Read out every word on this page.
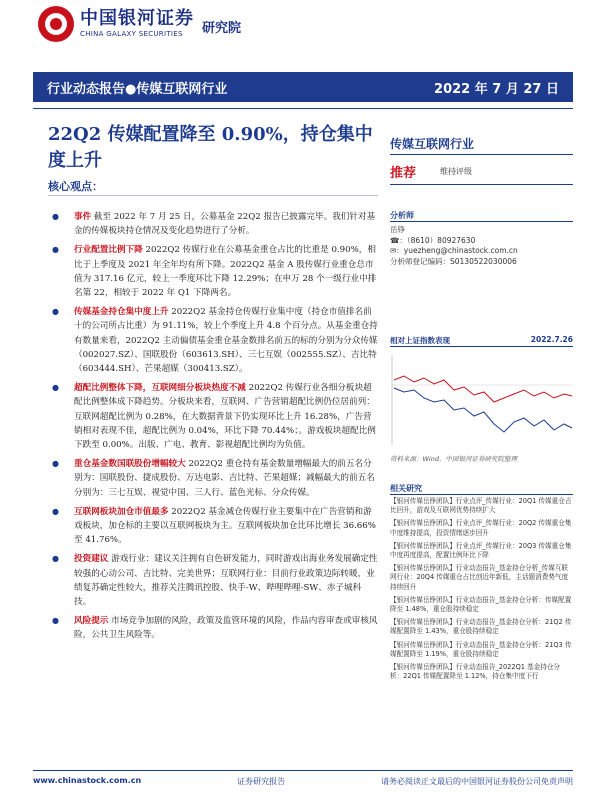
中国银河证券
CHINA GALAXY SECURITIES	研究院
行业动态报告●传媒互联网行业	2022 年 7 月 27 日
22Q2 传媒配置降至 0.90%，持仓集中度上升
核心观点：
● 事件 截至 2022 年 7 月 25 日，公募基金 22Q2 报告已披露完毕。我们针对基金的传媒板块持仓情况及变化趋势进行了分析。
● 行业配置比例下降 2022Q2 传媒行业在公募基金重仓占比的比重是 0.90%，相比于上季度及 2021 年全年均有所下降。2022Q2 基金 A 股传媒行业重仓总市值为 317.16 亿元，较上一季度环比下降 12.29%；在申万 28 个一级行业中排名第 22，相较于 2022 年 Q1 下降两名。
● 传媒基金持仓集中度上升 2022Q2 基金持仓传媒行业集中度（持仓市值排名前十的公司所占比重）为 91.11%，较上个季度上升 4.8 个百分点。从基金重仓持有数量来看，2022Q2 主动偏债基金重仓基金数排名前五的标的分别为分众传媒（002027.SZ）、国联股份（603613.SH）、三七互娱（002555.SZ）、吉比特（603444.SH）、芒果超媒（300413.SZ）。
● 超配比例整体下降，互联网细分板块热度不减 2022Q2 传媒行业各细分板块超配比例整体成下降趋势。分板块来看，互联网、广告营销超配比例仍位居前列：互联网超配比例为 0.28%，在大数据背景下仍实现环比上升 16.28%，广告营销相对表现不佳，超配比例为 0.04%，环比下降 70.44%；。游戏板块超配比例下跌至 0.00%。出版、广电、教育、影视超配比例均为负值。
● 重仓基金数国联股份增幅较大 2022Q2 重仓持有基金数量增幅最大的前五名分别为：国联股份、捷成股份、万达电影、吉比特、芒果超媒；减幅最大的前五名分别为：三七互娱、视觉中国、三人行、蓝色光标、分众传媒。
● 互联网板块加仓市值最多 2022Q2 基金减仓传媒行业主要集中在广告营销和游戏板块，加仓标的主要以互联网板块为主。互联网板块加仓比环比增长 36.66%至 41.76%。
● 投资建议 游戏行业：建议关注拥有自色研发能力，同时游戏出海业务发展确定性较强的心动公司、吉比特、完美世界；互联网行业：目前行业政策边际转暖，业绩复苏确定性较大，推荐关注腾讯控股、快手-W、哔哩哔哩-SW、赤子城科技。
● 风险提示 市场竞争加剧的风险，政策及监管环境的风险，作品内容审查或审核风险，公共卫生风险等。
传媒互联网行业
推荐	维持评级
分析师
岳铮
☎：（8610）80927630
✉：yuezheng@chinastock.com.cn
分析师登记编码：S0130522030006
相对上证指数表现	2022.7.26
资料来源：Wind，中国银河证券研究院整理
相关研究
【银河传媒岳铮团队】行业点评_传媒行业：20Q1 传媒重仓占比回升，游戏及互联网优势持续扩大
【银河传媒岳铮团队】行业点评_传媒行业：20Q2 传媒重仓集中度维持提高，投资情绪逐步回升
【银河传媒岳铮团队】行业点评_传媒行业：20Q3 传媒重仓集中度再度提高，配置比例环比下降
【银河传媒岳铮团队】行业动态报告_基金持仓分析_传媒互联网行业：20Q4 传媒重仓占比创近年新低，主话题消费势气度持续回升
【银河传媒岳铮团队】行业动态报告_基金持仓分析：传媒配置降至 1.48%，重仓股持续稳定
【银河传媒岳铮团队】行业动态报告_基金持仓分析：21Q2 传媒配置降至 1.43%，重仓股持续稳定
【银河传媒岳铮团队】行业动态报告_基金持仓分析：21Q3 传媒配置降至 1.19%，重仓股持续稳定
【银河传媒岳铮团队】行业动态报告_2022Q1 基金持仓分析：22Q1 传媒配置降至 1.12%，持仓集中度下行
www.chinastock.com.cn	证券研究报告	请务必阅读正文最后的中国银河证券股份公司免责声明
